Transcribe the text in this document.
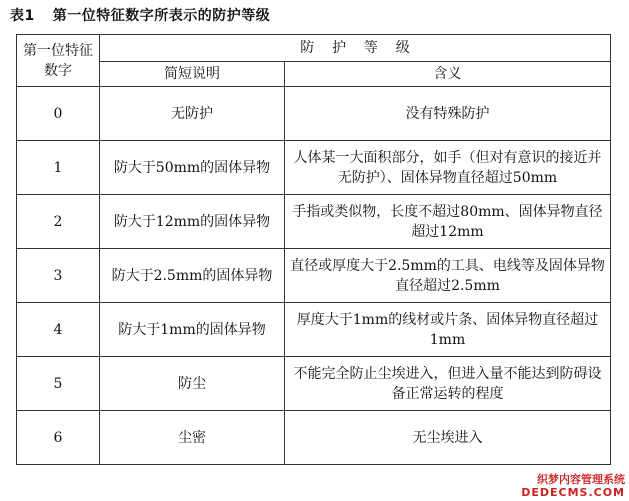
表1 第一位特征数字所表示的防护等级
第一位特征数字	防    护    等    级	
	简短说明	含义
0	无防护	没有特殊防护
1	防大于50mm的固体异物	人体某一大面积部分，如手（但对有意识的接近并无防护）、固体异物直径超过50mm
2	防大于12mm的固体异物	手指或类似物，长度不超过80mm、固体异物直径超过12mm
3	防大于2.5mm的固体异物	直径或厚度大于2.5mm的工具、电线等及固体异物直径超过2.5mm
4	防大于1mm的固体异物	厚度大于1mm的线材或片条、固体异物直径超过1mm
5	防尘	不能完全防止尘埃进入，但进入量不能达到防碍设备正常运转的程度
6	尘密	无尘埃进入
织梦内容管理系统
DEDECMS.COM
